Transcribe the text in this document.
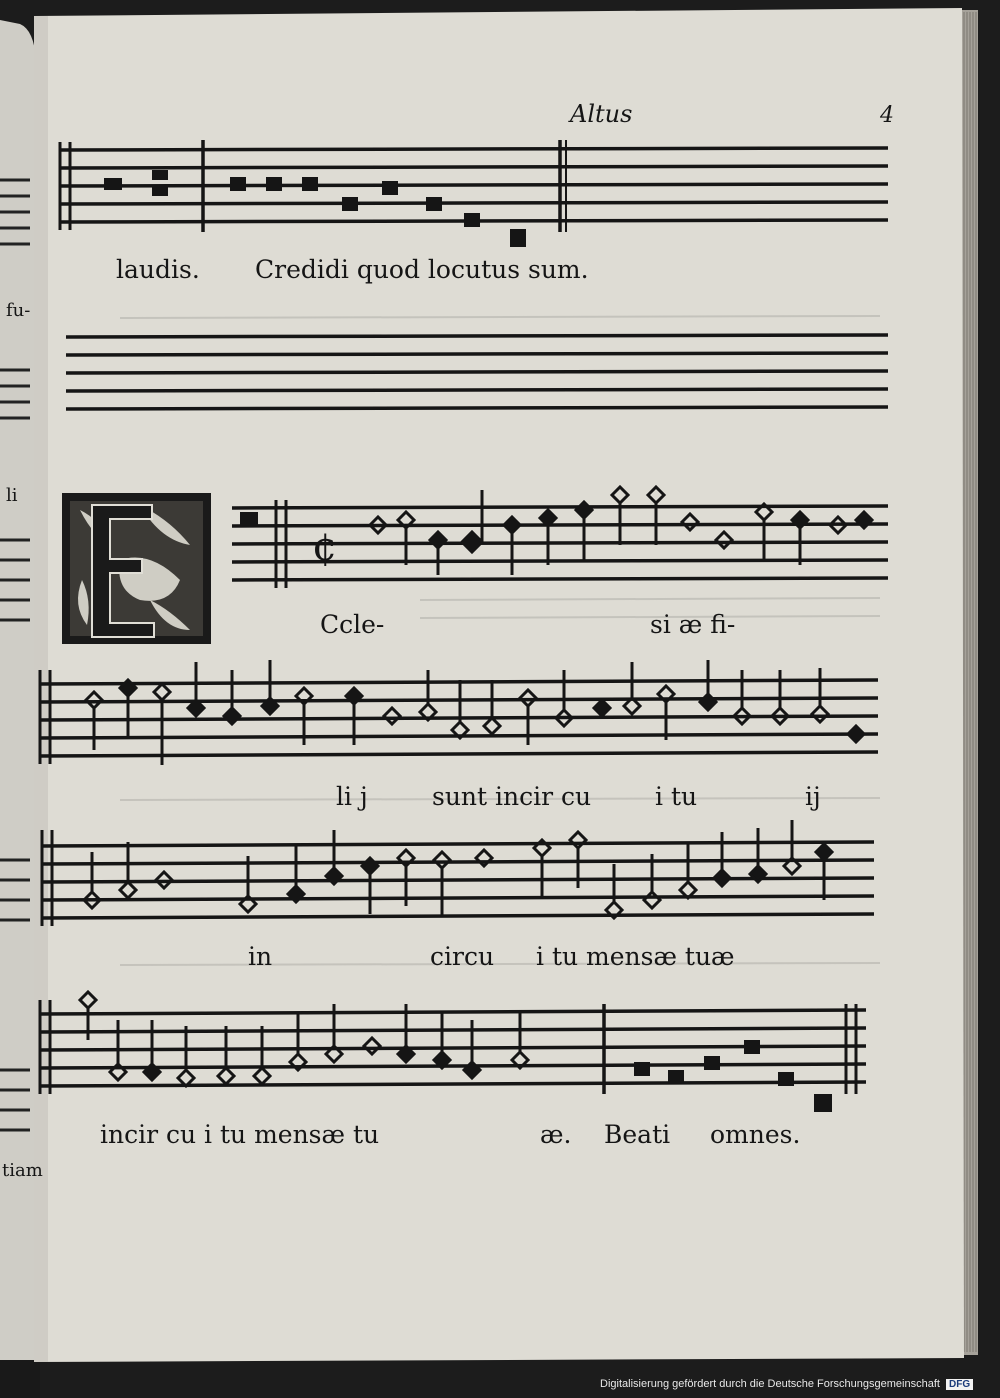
¢
Altus	4
laudis. Credidi quod locutus sum.
Ccle-	si æ fi-
li j	sunt incir cu	i tu	ij
in	circu i tu mensæ tuæ
incir cu i tu mensæ tu	æ. Beati omnes.
fu-
li
tiam
Digitalisierung gefördert durch die Deutsche Forschungsgemeinschaft DFG
